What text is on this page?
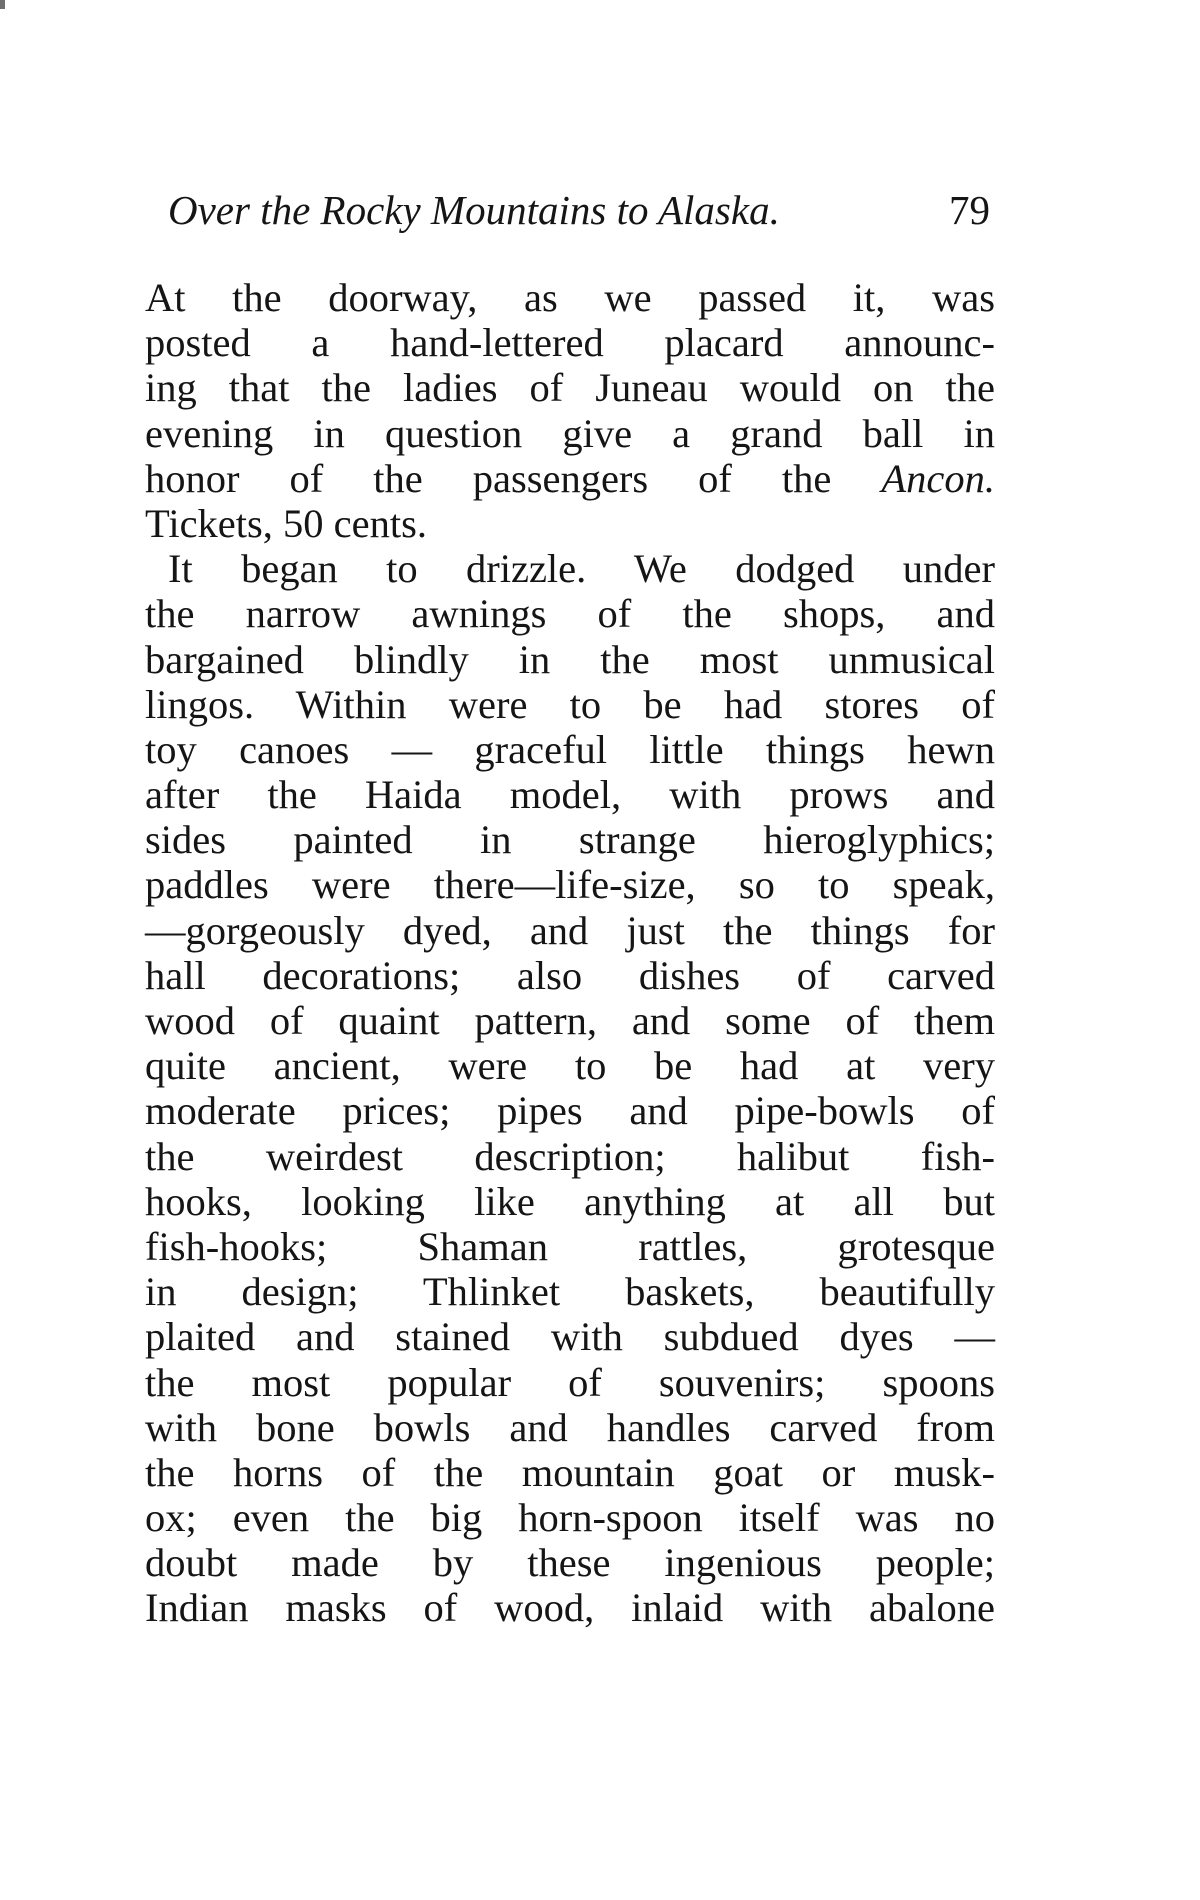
Over the Rocky Mountains to Alaska.	79
At the doorway, as we passed it, was
posted a hand-lettered placard announc-
ing that the ladies of Juneau would on the
evening in question give a grand ball in
honor of the passengers of the Ancon.
Tickets, 50 cents.
It began to drizzle. We dodged under
the narrow awnings of the shops, and
bargained blindly in the most unmusical
lingos. Within were to be had stores of
toy canoes — graceful little things hewn
after the Haida model, with prows and
sides painted in strange hieroglyphics;
paddles were there—life-size, so to speak,
—gorgeously dyed, and just the things for
hall decorations; also dishes of carved
wood of quaint pattern, and some of them
quite ancient, were to be had at very
moderate prices; pipes and pipe-bowls of
the weirdest description; halibut fish-
hooks, looking like anything at all but
fish-hooks; Shaman rattles, grotesque
in design; Thlinket baskets, beautifully
plaited and stained with subdued dyes —
the most popular of souvenirs; spoons
with bone bowls and handles carved from
the horns of the mountain goat or musk-
ox; even the big horn-spoon itself was no
doubt made by these ingenious people;
Indian masks of wood, inlaid with abalone
